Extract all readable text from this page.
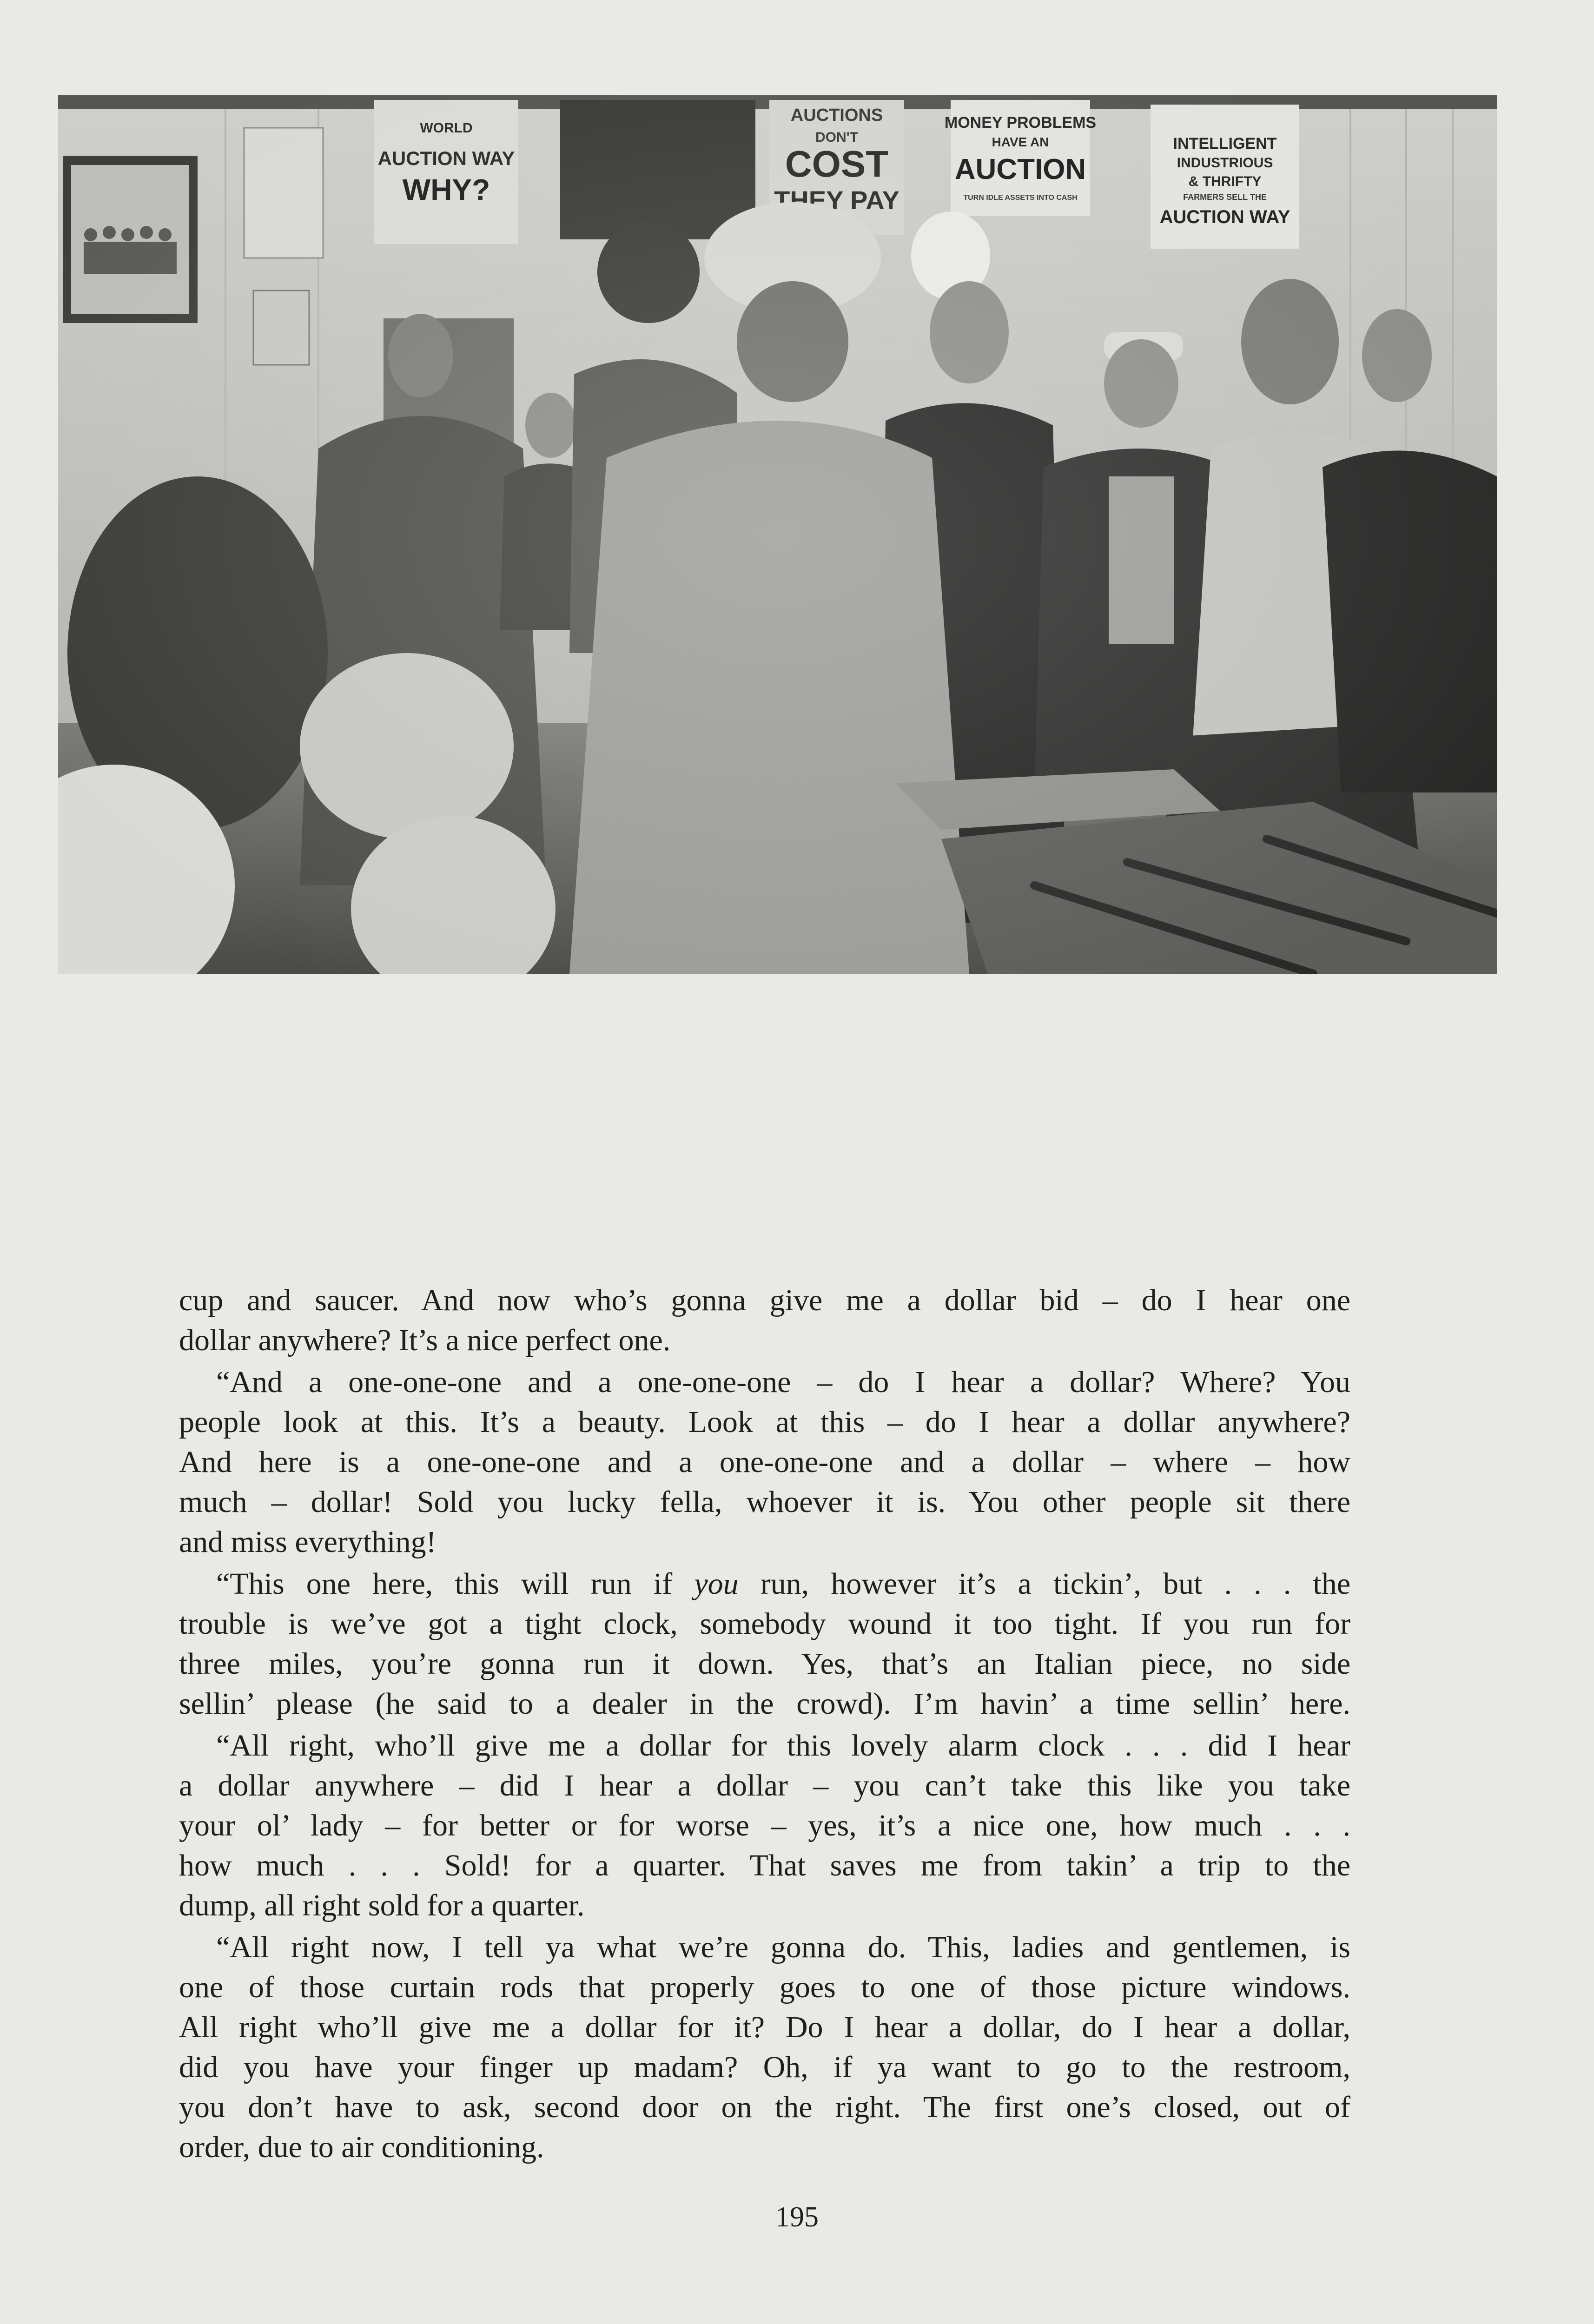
cup and saucer. And now who’s gonna give me a dollar bid – do I hear one
dollar anywhere? It’s a nice perfect one.

“And a one-one-one and a one-one-one – do I hear a dollar? Where? You
people look at this. It’s a beauty. Look at this – do I hear a dollar anywhere?
And here is a one-one-one and a one-one-one and a dollar – where – how
much – dollar! Sold you lucky fella, whoever it is. You other people sit there
and miss everything!

“This one here, this will run if you run, however it’s a tickin’, but . . . the
trouble is we’ve got a tight clock, somebody wound it too tight. If you run for
three miles, you’re gonna run it down. Yes, that’s an Italian piece, no side
sellin’ please (he said to a dealer in the crowd). I’m havin’ a time sellin’ here.

“All right, who’ll give me a dollar for this lovely alarm clock . . . did I hear
a dollar anywhere – did I hear a dollar – you can’t take this like you take
your ol’ lady – for better or for worse – yes, it’s a nice one, how much . . .
how much . . . Sold! for a quarter. That saves me from takin’ a trip to the
dump, all right sold for a quarter.

“All right now, I tell ya what we’re gonna do. This, ladies and gentlemen, is
one of those curtain rods that properly goes to one of those picture windows.
All right who’ll give me a dollar for it? Do I hear a dollar, do I hear a dollar,
did you have your finger up madam? Oh, if ya want to go to the restroom,
you don’t have to ask, second door on the right. The first one’s closed, out of
order, due to air conditioning.

195
